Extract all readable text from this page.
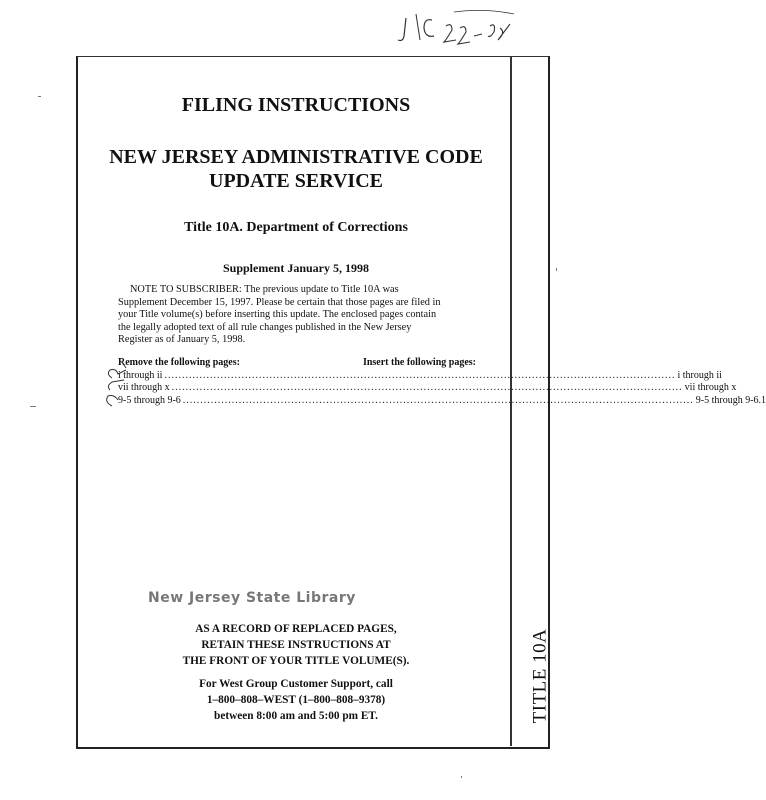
FILING INSTRUCTIONS
NEW JERSEY ADMINISTRATIVE CODE
UPDATE SERVICE
Title 10A. Department of Corrections
Supplement January 5, 1998
NOTE TO SUBSCRIBER: The previous update to Title 10A was
Supplement December 15, 1997. Please be certain that those pages are filed in
your Title volume(s) before inserting this update. The enclosed pages contain
the legally adopted text of all rule changes published in the New Jersey
Register as of January 5, 1998.
Remove the following pages:	Insert the following pages:
i through ii .................................................................................................................................................. i through ii
vii through x .................................................................................................................................................. vii through x
9-5 through 9-6 .................................................................................................................................................. 9-5 through 9-6.1
New Jersey State Library
AS A RECORD OF REPLACED PAGES,
RETAIN THESE INSTRUCTIONS AT
THE FRONT OF YOUR TITLE VOLUME(S).
For West Group Customer Support, call
1–800–808–WEST (1–800–808–9378)
between 8:00 am and 5:00 pm ET.	TITLE 10A
